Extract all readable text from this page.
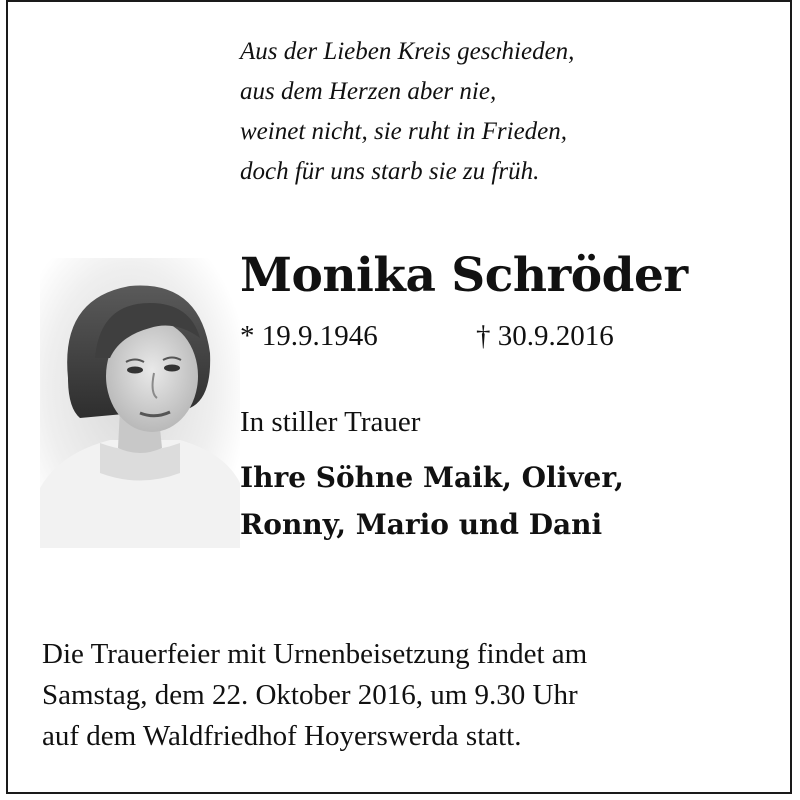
Aus der Lieben Kreis geschieden,
aus dem Herzen aber nie,
weinet nicht, sie ruht in Frieden,
doch für uns starb sie zu früh.
Monika Schröder
* 19.9.1946	† 30.9.2016
In stiller Trauer
Ihre Söhne Maik, Oliver,
Ronny, Mario und Dani
Die Trauerfeier mit Urnenbeisetzung findet am
Samstag, dem 22. Oktober 2016, um 9.30 Uhr
auf dem Waldfriedhof Hoyerswerda statt.
